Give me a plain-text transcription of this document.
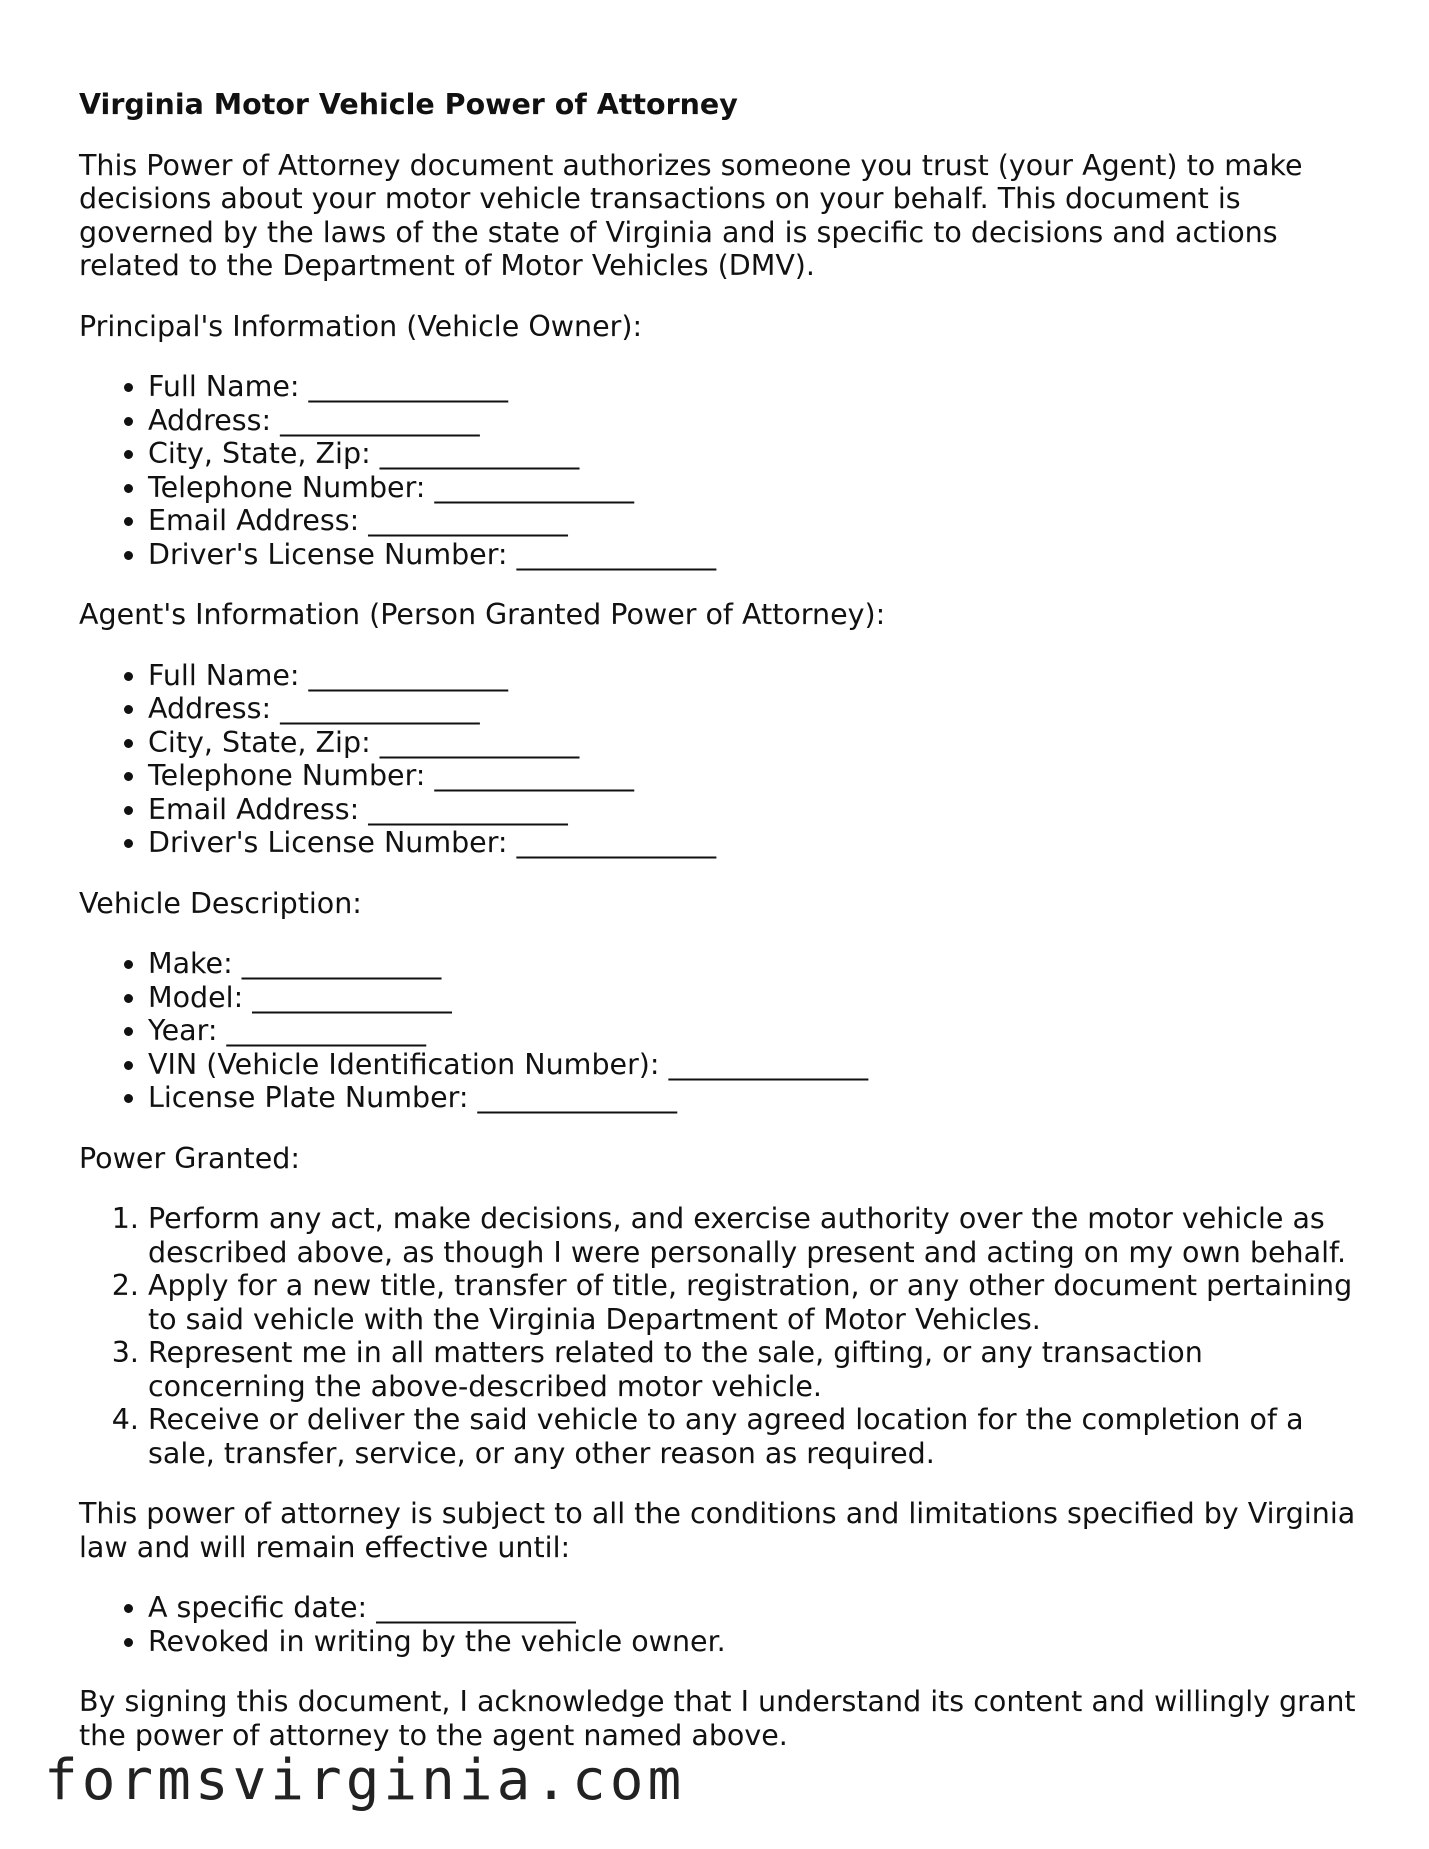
Virginia Motor Vehicle Power of Attorney

This Power of Attorney document authorizes someone you trust (your Agent) to make decisions about your motor vehicle transactions on your behalf. This document is governed by the laws of the state of Virginia and is specific to decisions and actions related to the Department of Motor Vehicles (DMV).

Principal's Information (Vehicle Owner):

• Full Name: ______________
• Address: ______________
• City, State, Zip: ______________
• Telephone Number: ______________
• Email Address: ______________
• Driver's License Number: ______________

Agent's Information (Person Granted Power of Attorney):

• Full Name: ______________
• Address: ______________
• City, State, Zip: ______________
• Telephone Number: ______________
• Email Address: ______________
• Driver's License Number: ______________

Vehicle Description:

• Make: ______________
• Model: ______________
• Year: ______________
• VIN (Vehicle Identification Number): ______________
• License Plate Number: ______________

Power Granted:

1. Perform any act, make decisions, and exercise authority over the motor vehicle as described above, as though I were personally present and acting on my own behalf.
2. Apply for a new title, transfer of title, registration, or any other document pertaining to said vehicle with the Virginia Department of Motor Vehicles.
3. Represent me in all matters related to the sale, gifting, or any transaction concerning the above-described motor vehicle.
4. Receive or deliver the said vehicle to any agreed location for the completion of a sale, transfer, service, or any other reason as required.

This power of attorney is subject to all the conditions and limitations specified by Virginia law and will remain effective until:

• A specific date: ______________
• Revoked in writing by the vehicle owner.

By signing this document, I acknowledge that I understand its content and willingly grant the power of attorney to the agent named above.

formsvirginia.com
